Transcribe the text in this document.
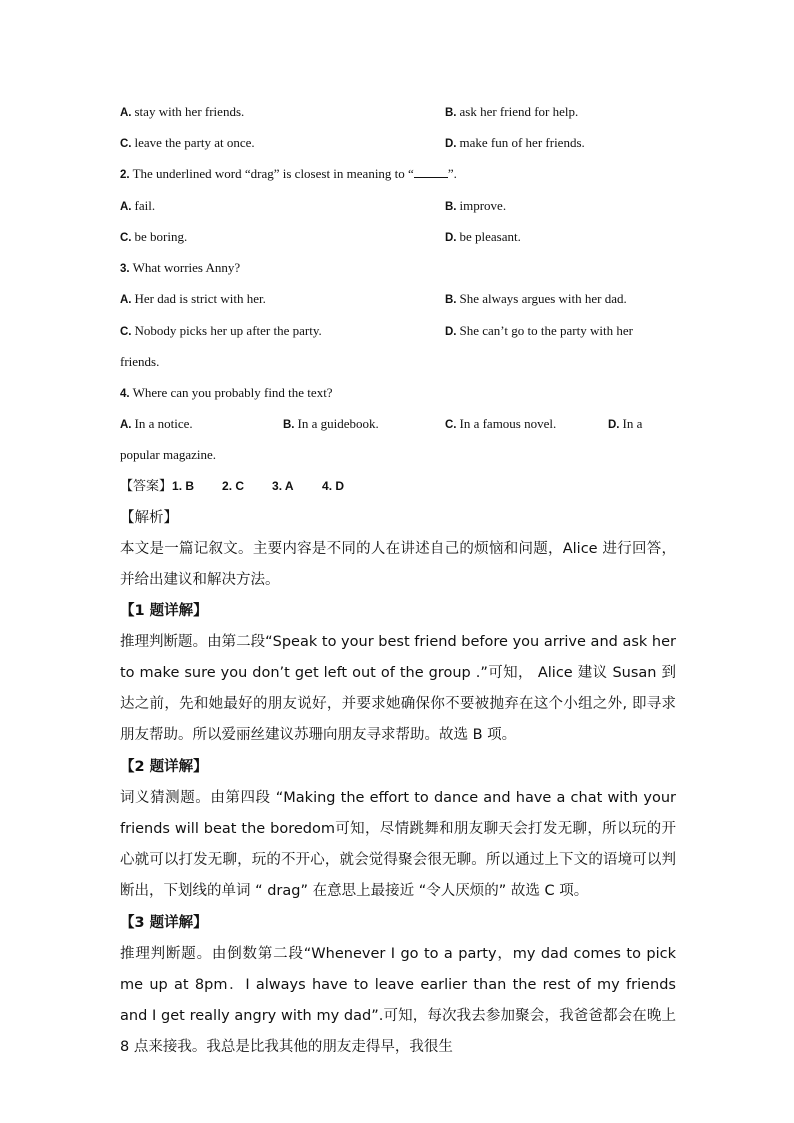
A. stay with her friends.	B. ask her friend for help.
C. leave the party at once.	D. make fun of her friends.
2. The underlined word “drag” is closest in meaning to “	”.
A. fail.	B. improve.
C. be boring.	D. be pleasant.
3. What worries Anny?
A. Her dad is strict with her.	B. She always argues with her dad.
C. Nobody picks her up after the party.	D. She can’t go to the party with her
friends.
4. Where can you probably find the text?
A. In a notice.	B. In a guidebook.	C. In a famous novel.	D. In a
popular magazine.
【答案】1. B 2. C 3. A 4. D
【解析】
本文是一篇记叙文。主要内容是不同的人在讲述自己的烦恼和问题，Alice 进行回答，并给出建议和解决方法。
【1 题详解】
推理判断题。由第二段“Speak to your best friend before you arrive and ask her to make sure you don’t get left out of the group .”可知， Alice 建议 Susan 到达之前，先和她最好的朋友说好，并要求她确保你不要被抛弃在这个小组之外, 即寻求朋友帮助。所以爱丽丝建议苏珊向朋友寻求帮助。故选 B 项。
【2 题详解】
词义猜测题。由第四段 “Making the effort to dance and have a chat with your friends will beat the boredom可知，尽情跳舞和朋友聊天会打发无聊，所以玩的开心就可以打发无聊，玩的不开心，就会觉得聚会很无聊。所以通过上下文的语境可以判断出，下划线的单词 “ drag” 在意思上最接近 “令人厌烦的” 故选 C 项。
【3 题详解】
推理判断题。由倒数第二段“Whenever I go to a party，my dad comes to pick me up at 8pm．I always have to leave earlier than the rest of my friends and I get really angry with my dad”.可知，每次我去参加聚会，我爸爸都会在晚上 8 点来接我。我总是比我其他的朋友走得早，我很生
